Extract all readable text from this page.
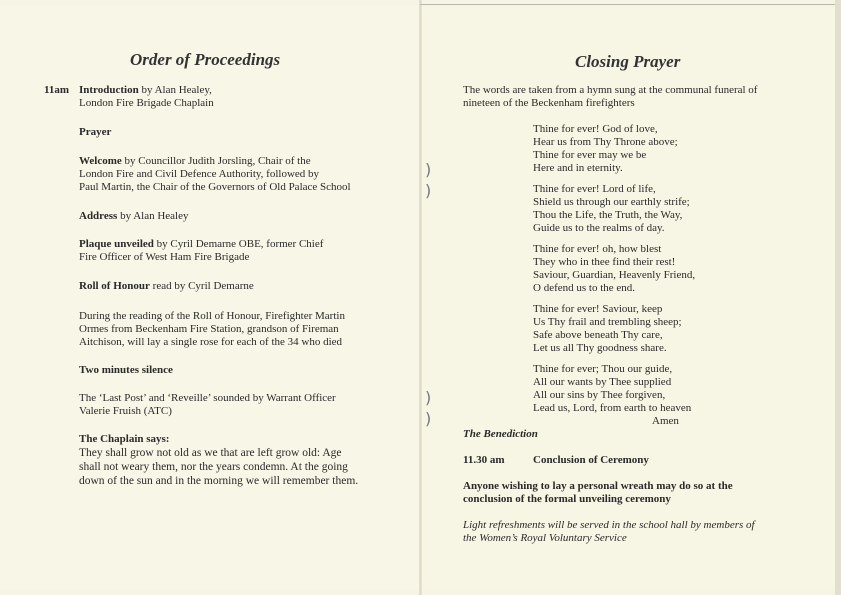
Order of Proceedings

11am Introduction by Alan Healey,
London Fire Brigade Chaplain

Prayer

Welcome by Councillor Judith Jorsling, Chair of the
London Fire and Civil Defence Authority, followed by
Paul Martin, the Chair of the Governors of Old Palace School

Address by Alan Healey

Plaque unveiled by Cyril Demarne OBE, former Chief
Fire Officer of West Ham Fire Brigade

Roll of Honour read by Cyril Demarne

During the reading of the Roll of Honour, Firefighter Martin
Ormes from Beckenham Fire Station, grandson of Fireman
Aitchison, will lay a single rose for each of the 34 who died

Two minutes silence

The ‘Last Post’ and ‘Reveille’ sounded by Warrant Officer
Valerie Fruish (ATC)

The Chaplain says:

They shall grow not old as we that are left grow old: Age
shall not weary them, nor the years condemn. At the going
down of the sun and in the morning we will remember them.

)
)
)
)
Closing Prayer

The words are taken from a hymn sung at the communal funeral of
nineteen of the Beckenham firefighters

Thine for ever! God of love,
Hear us from Thy Throne above;
Thine for ever may we be
Here and in eternity.

Thine for ever! Lord of life,
Shield us through our earthly strife;
Thou the Life, the Truth, the Way,
Guide us to the realms of day.

Thine for ever! oh, how blest
They who in thee find their rest!
Saviour, Guardian, Heavenly Friend,
O defend us to the end.

Thine for ever! Saviour, keep
Us Thy frail and trembling sheep;
Safe above beneath Thy care,
Let us all Thy goodness share.

Thine for ever; Thou our guide,
All our wants by Thee supplied
All our sins by Thee forgiven,
Lead us, Lord, from earth to heaven

Amen

The Benediction

11.30 am	Conclusion of Ceremony

Anyone wishing to lay a personal wreath may do so at the
conclusion of the formal unveiling ceremony

Light refreshments will be served in the school hall by members of
the Women’s Royal Voluntary Service
